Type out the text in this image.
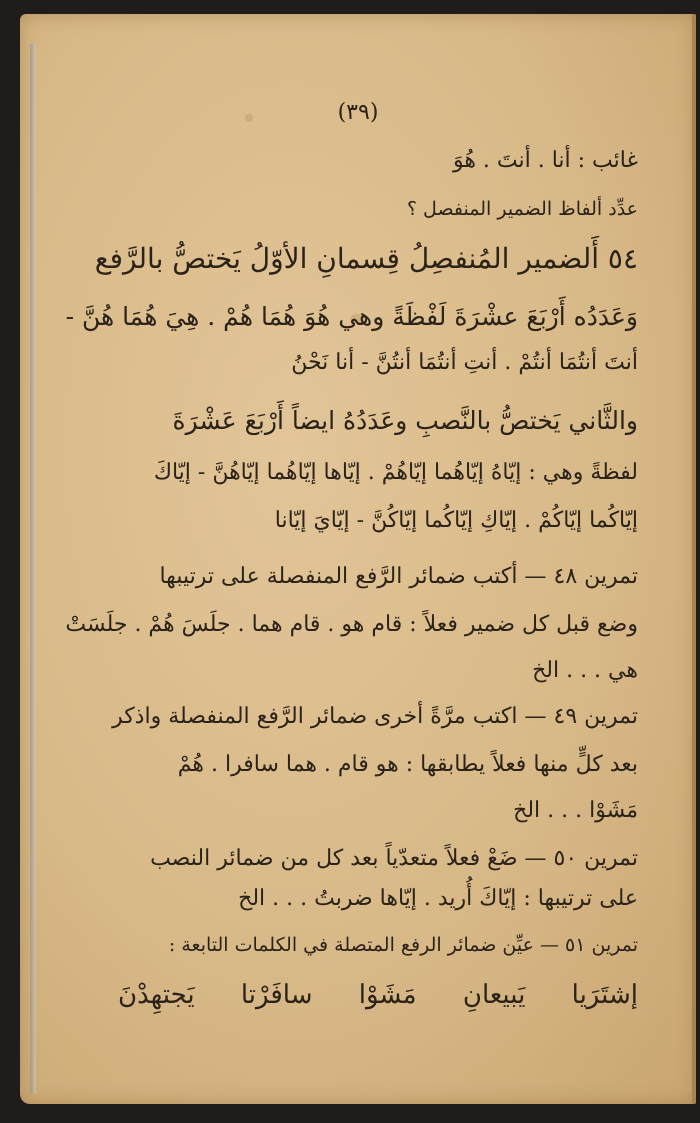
(٣٩)
غائب : أنا . أنتَ . هُوَ
عدِّد ألفاظ الضمير المنفصل ؟
٥٤ أَلضمير المُنفصِلُ قِسمانِ الأوّلُ يَختصُّ بالرَّفع
وَعَدَدُه أَرْبَعَ عشْرَةَ لَفْظَةً وهي هُوَ هُمَا هُمْ . هِيَ هُمَا هُنَّ -
أنتَ أنتُمَا أنتُمْ . أنتِ أنتُمَا أنتُنَّ - أنا نَحْنُ
والثَّاني يَختصُّ بالنَّصبِ وعَدَدُهُ ايضاً أَرْبَعَ عَشْرَةَ
لفظةً وهي : إيّاهُ إيّاهُما إيّاهُمْ . إيّاها إيّاهُما إيّاهُنَّ - إيّاكَ
إيّاكُما إيّاكُمْ . إيّاكِ إيّاكُما إيّاكُنَّ - إيّايَ إيّانا
تمرين ٤٨ — أكتب ضمائر الرَّفع المنفصلة على ترتيبها
وضع قبل كل ضمير فعلاً : قام هو . قام هما . جلَسَ هُمْ . جلَسَتْ
هي . . . الخ
تمرين ٤٩ — اكتب مرَّةً أخرى ضمائر الرَّفع المنفصلة واذكر
بعد كلٍّ منها فعلاً يطابقها : هو قام . هما سافرا . هُمْ
مَشَوْا . . . الخ
تمرين ٥٠ — ضَعْ فعلاً متعدّياً بعد كل من ضمائر النصب
على ترتيبها : إيّاكَ أُريد . إيّاها ضربتُ . . . الخ
تمرين ٥١ — عيِّن ضمائر الرفع المتصلة في الكلمات التابعة :
إشتَرَيا
يَبيعانِ
مَشَوْا
سافَرْتا
يَجتهِدْنَ
